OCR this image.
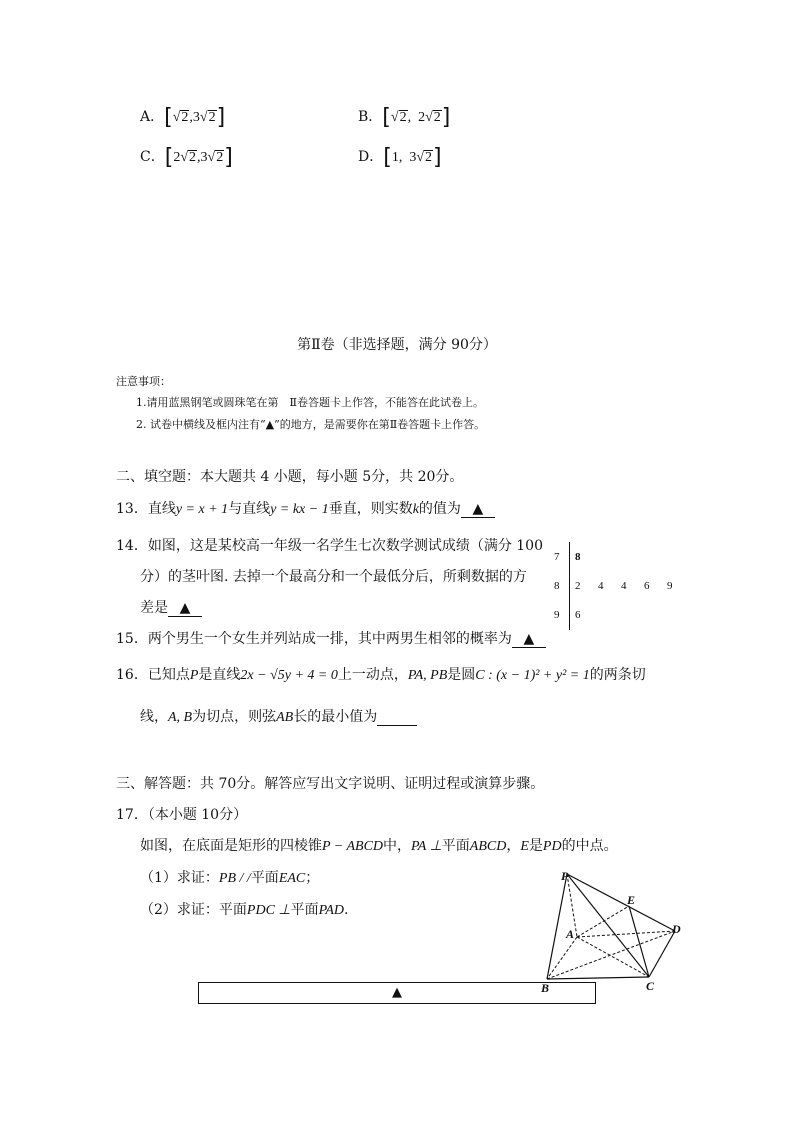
A．[√2,3√2]	B．[√2,  2√2]
C．[2√2,3√2]	D．[1,  3√2]
第Ⅱ卷（非选择题，满分 90分）
注意事项：
1.请用蓝黑钢笔或圆珠笔在第　Ⅱ卷答题卡上作答，不能答在此试卷上。
2. 试卷中横线及框内注有“▲”的地方，是需要你在第Ⅱ卷答题卡上作答。
二、填空题：本大题共 4 小题，每小题 5分，共 20分。
13．直线y = x + 1与直线y = kx − 1垂直，则实数k的值为 ▲
14．如图，这是某校高一年级一名学生七次数学测试成绩（满分 100
分）的茎叶图. 去掉一个最高分和一个最低分后，所剩数据的方
差是 ▲
7 8
8 2  4  4  6  9
9 6
15．两个男生一个女生并列站成一排，其中两男生相邻的概率为 ▲
16．已知点P是直线2x − √5y + 4 = 0上一动点，PA, PB是圆C : (x − 1)² + y² = 1的两条切
线，A, B为切点，则弦AB长的最小值为
三、解答题：共 70分。解答应写出文字说明、证明过程或演算步骤。
17．（本小题 10分）
如图，在底面是矩形的四棱锥P − ABCD中，PA ⊥平面ABCD，E是PD的中点。
（1）求证：PB / /平面EAC；
（2）求证：平面PDC ⊥平面PAD.
▲
P
E
A	D
B	C
